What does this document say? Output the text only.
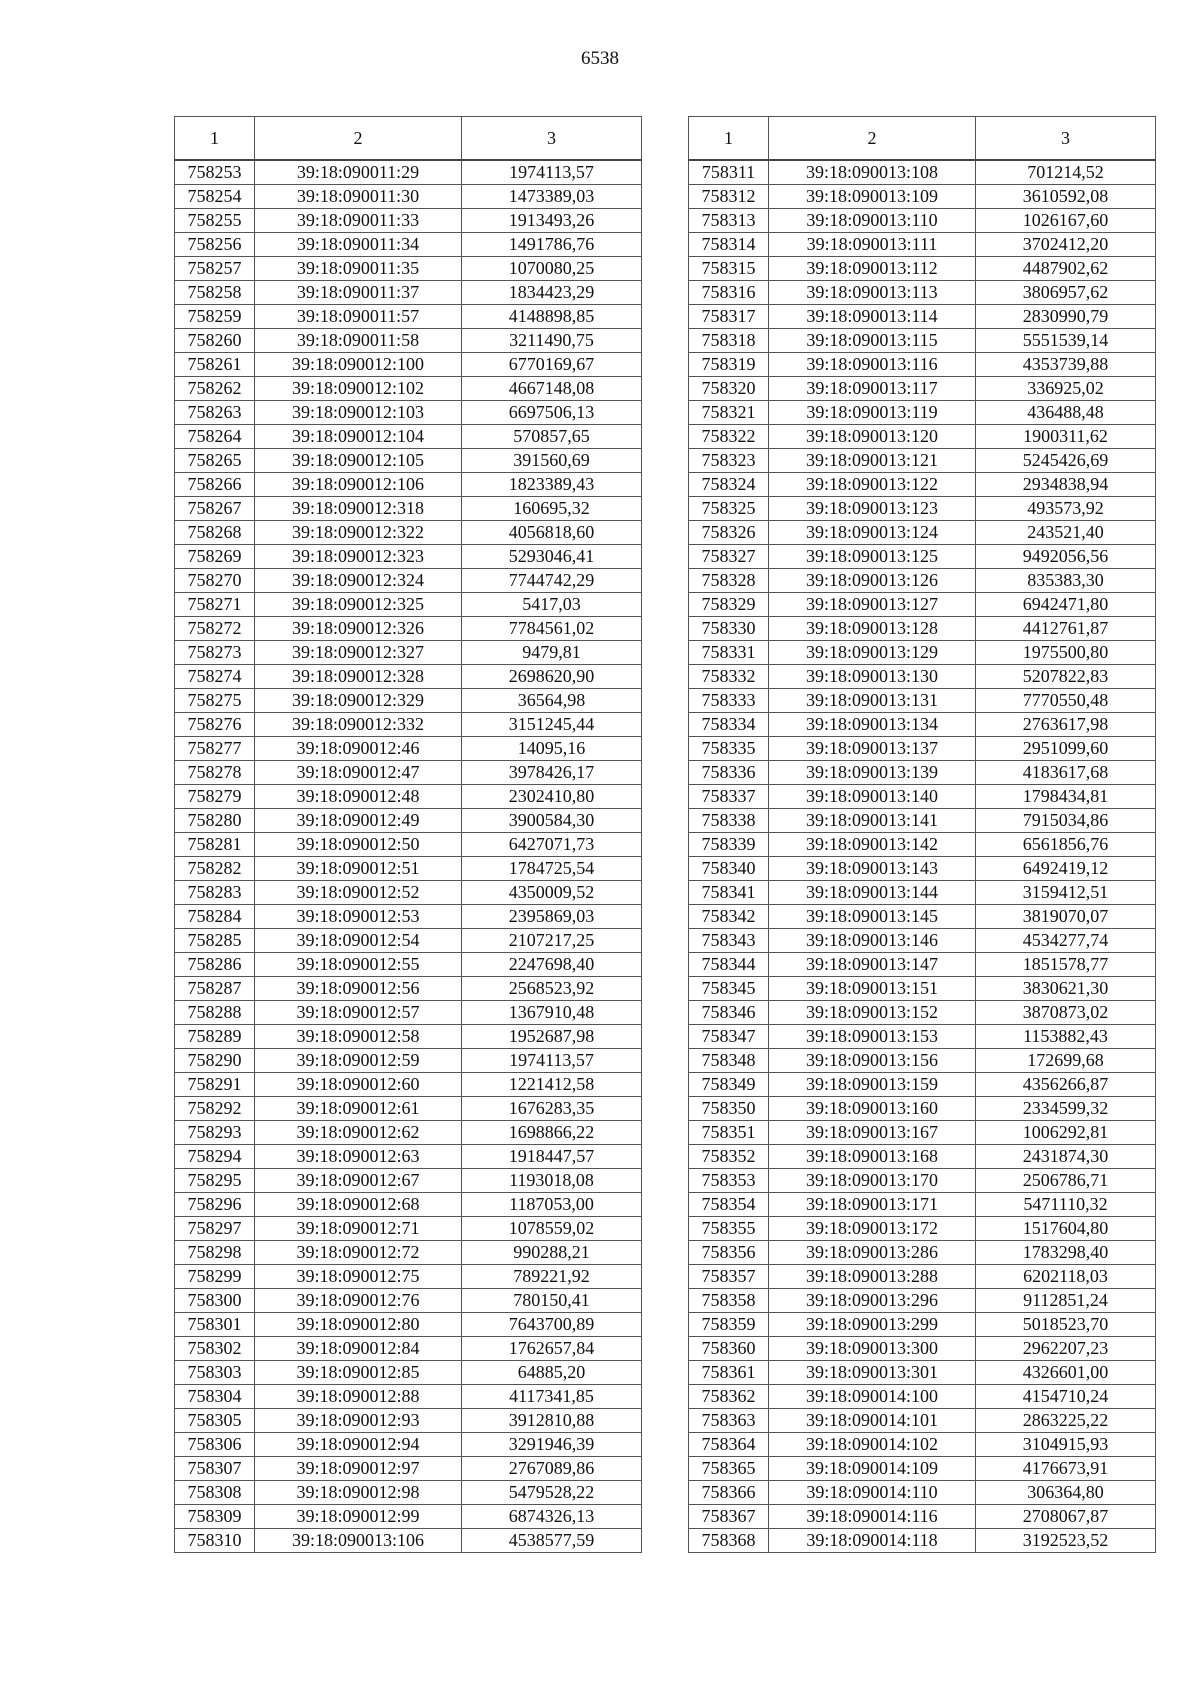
6538
1	2	3
758253	39:18:090011:29	1974113,57
758254	39:18:090011:30	1473389,03
758255	39:18:090011:33	1913493,26
758256	39:18:090011:34	1491786,76
758257	39:18:090011:35	1070080,25
758258	39:18:090011:37	1834423,29
758259	39:18:090011:57	4148898,85
758260	39:18:090011:58	3211490,75
758261	39:18:090012:100	6770169,67
758262	39:18:090012:102	4667148,08
758263	39:18:090012:103	6697506,13
758264	39:18:090012:104	570857,65
758265	39:18:090012:105	391560,69
758266	39:18:090012:106	1823389,43
758267	39:18:090012:318	160695,32
758268	39:18:090012:322	4056818,60
758269	39:18:090012:323	5293046,41
758270	39:18:090012:324	7744742,29
758271	39:18:090012:325	5417,03
758272	39:18:090012:326	7784561,02
758273	39:18:090012:327	9479,81
758274	39:18:090012:328	2698620,90
758275	39:18:090012:329	36564,98
758276	39:18:090012:332	3151245,44
758277	39:18:090012:46	14095,16
758278	39:18:090012:47	3978426,17
758279	39:18:090012:48	2302410,80
758280	39:18:090012:49	3900584,30
758281	39:18:090012:50	6427071,73
758282	39:18:090012:51	1784725,54
758283	39:18:090012:52	4350009,52
758284	39:18:090012:53	2395869,03
758285	39:18:090012:54	2107217,25
758286	39:18:090012:55	2247698,40
758287	39:18:090012:56	2568523,92
758288	39:18:090012:57	1367910,48
758289	39:18:090012:58	1952687,98
758290	39:18:090012:59	1974113,57
758291	39:18:090012:60	1221412,58
758292	39:18:090012:61	1676283,35
758293	39:18:090012:62	1698866,22
758294	39:18:090012:63	1918447,57
758295	39:18:090012:67	1193018,08
758296	39:18:090012:68	1187053,00
758297	39:18:090012:71	1078559,02
758298	39:18:090012:72	990288,21
758299	39:18:090012:75	789221,92
758300	39:18:090012:76	780150,41
758301	39:18:090012:80	7643700,89
758302	39:18:090012:84	1762657,84
758303	39:18:090012:85	64885,20
758304	39:18:090012:88	4117341,85
758305	39:18:090012:93	3912810,88
758306	39:18:090012:94	3291946,39
758307	39:18:090012:97	2767089,86
758308	39:18:090012:98	5479528,22
758309	39:18:090012:99	6874326,13
758310	39:18:090013:106	4538577,59
1	2	3
758311	39:18:090013:108	701214,52
758312	39:18:090013:109	3610592,08
758313	39:18:090013:110	1026167,60
758314	39:18:090013:111	3702412,20
758315	39:18:090013:112	4487902,62
758316	39:18:090013:113	3806957,62
758317	39:18:090013:114	2830990,79
758318	39:18:090013:115	5551539,14
758319	39:18:090013:116	4353739,88
758320	39:18:090013:117	336925,02
758321	39:18:090013:119	436488,48
758322	39:18:090013:120	1900311,62
758323	39:18:090013:121	5245426,69
758324	39:18:090013:122	2934838,94
758325	39:18:090013:123	493573,92
758326	39:18:090013:124	243521,40
758327	39:18:090013:125	9492056,56
758328	39:18:090013:126	835383,30
758329	39:18:090013:127	6942471,80
758330	39:18:090013:128	4412761,87
758331	39:18:090013:129	1975500,80
758332	39:18:090013:130	5207822,83
758333	39:18:090013:131	7770550,48
758334	39:18:090013:134	2763617,98
758335	39:18:090013:137	2951099,60
758336	39:18:090013:139	4183617,68
758337	39:18:090013:140	1798434,81
758338	39:18:090013:141	7915034,86
758339	39:18:090013:142	6561856,76
758340	39:18:090013:143	6492419,12
758341	39:18:090013:144	3159412,51
758342	39:18:090013:145	3819070,07
758343	39:18:090013:146	4534277,74
758344	39:18:090013:147	1851578,77
758345	39:18:090013:151	3830621,30
758346	39:18:090013:152	3870873,02
758347	39:18:090013:153	1153882,43
758348	39:18:090013:156	172699,68
758349	39:18:090013:159	4356266,87
758350	39:18:090013:160	2334599,32
758351	39:18:090013:167	1006292,81
758352	39:18:090013:168	2431874,30
758353	39:18:090013:170	2506786,71
758354	39:18:090013:171	5471110,32
758355	39:18:090013:172	1517604,80
758356	39:18:090013:286	1783298,40
758357	39:18:090013:288	6202118,03
758358	39:18:090013:296	9112851,24
758359	39:18:090013:299	5018523,70
758360	39:18:090013:300	2962207,23
758361	39:18:090013:301	4326601,00
758362	39:18:090014:100	4154710,24
758363	39:18:090014:101	2863225,22
758364	39:18:090014:102	3104915,93
758365	39:18:090014:109	4176673,91
758366	39:18:090014:110	306364,80
758367	39:18:090014:116	2708067,87
758368	39:18:090014:118	3192523,52
